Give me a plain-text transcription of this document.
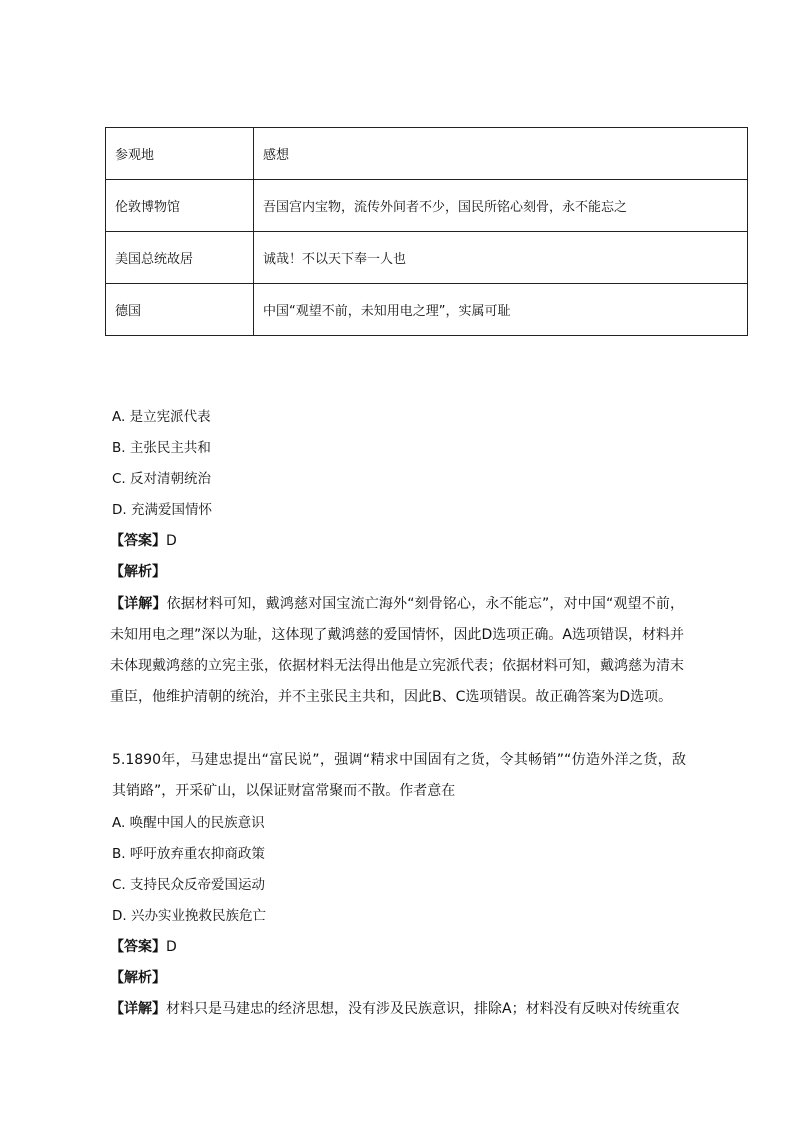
参观地	感想
伦敦博物馆	吾国宫内宝物，流传外间者不少，国民所铭心刻骨，永不能忘之
美国总统故居	诚哉！不以天下奉一人也
德国	中国“观望不前，未知用电之理”，实属可耻
A. 是立宪派代表
B. 主张民主共和
C. 反对清朝统治
D. 充满爱国情怀
【答案】D
【解析】
【详解】依据材料可知，戴鸿慈对国宝流亡海外“刻骨铭心，永不能忘”，对中国“观望不前，未知用电之理”深以为耻，这体现了戴鸿慈的爱国情怀，因此D选项正确。A选项错误，材料并未体现戴鸿慈的立宪主张，依据材料无法得出他是立宪派代表；依据材料可知，戴鸿慈为清末重臣，他维护清朝的统治，并不主张民主共和，因此B、C选项错误。故正确答案为D选项。
5.1890年，马建忠提出“富民说”，强调“精求中国固有之货，令其畅销”“仿造外洋之货，敌其销路”，开采矿山，以保证财富常聚而不散。作者意在
A. 唤醒中国人的民族意识
B. 呼吁放弃重农抑商政策
C. 支持民众反帝爱国运动
D. 兴办实业挽救民族危亡
【答案】D
【解析】
【详解】材料只是马建忠的经济思想，没有涉及民族意识，排除A；材料没有反映对传统重农
